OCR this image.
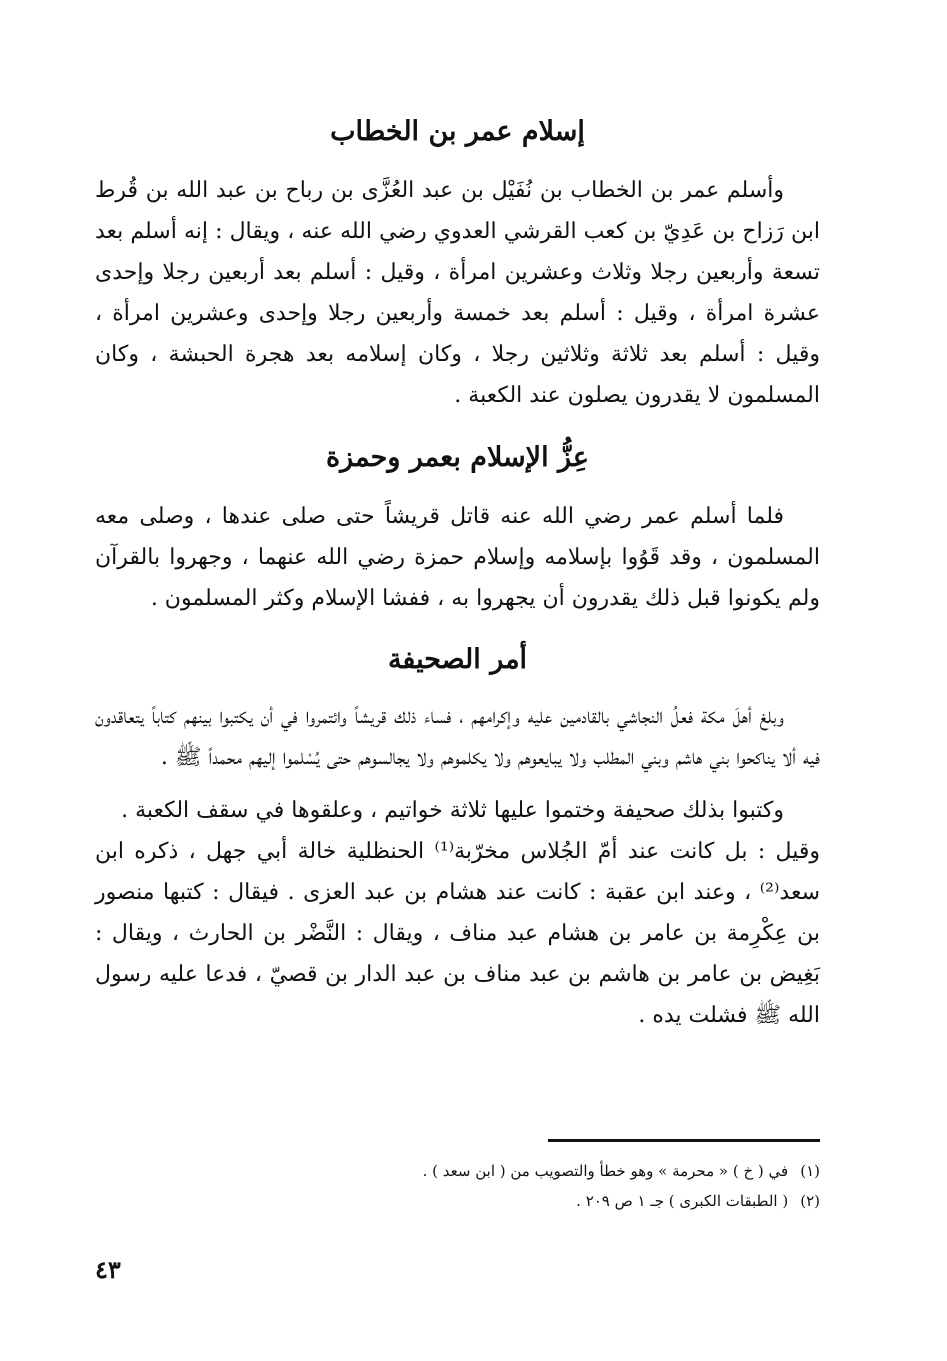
إسلام عمر بن الخطاب

وأسلم عمر بن الخطاب بن نُفَيْل بن عبد العُزَّى بن رباح بن عبد الله بن قُرط ابن رَزاح بن عَدِيّ بن كعب القرشي العدوي رضي الله عنه ، ويقال : إنه أسلم بعد تسعة وأربعين رجلا وثلاث وعشرين امرأة ، وقيل : أسلم بعد أربعين رجلا وإحدى عشرة امرأة ، وقيل : أسلم بعد خمسة وأربعين رجلا وإحدى وعشرين امرأة ، وقيل : أسلم بعد ثلاثة وثلاثين رجلا ، وكان إسلامه بعد هجرة الحبشة ، وكان المسلمون لا يقدرون يصلون عند الكعبة .

عِزُّ الإسلام بعمر وحمزة

فلما أسلم عمر رضي الله عنه قاتل قريشاً حتى صلى عندها ، وصلى معه المسلمون ، وقد قَوُوا بإسلامه وإسلام حمزة رضي الله عنهما ، وجهروا بالقرآن ولم يكونوا قبل ذلك يقدرون أن يجهروا به ، ففشا الإسلام وكثر المسلمون .

أمر الصحيفة

وبلغ أهلَ مكة فعلُ النجاشي بالقادمين عليه وإكرامهم ، فساء ذلك قريشاً وائتمروا في أن يكتبوا بينهم كتاباً يتعاقدون فيه ألا يناكحوا بني هاشم وبني المطلب ولا يبايعوهم ولا يكلموهم ولا يجالسوهم حتى يُسْلموا إليهم محمداً ﷺ .

وكتبوا بذلك صحيفة وختموا عليها ثلاثة خواتيم ، وعلقوها في سقف الكعبة .

وقيل : بل كانت عند أمّ الجُلاس مخرّبة⁽¹⁾ الحنظلية خالة أبي جهل ، ذكره ابن سعد⁽²⁾ ، وعند ابن عقبة : كانت عند هشام بن عبد العزى . فيقال : كتبها منصور بن عِكْرِمة بن عامر بن هشام عبد مناف ، ويقال : النَّضْر بن الحارث ، ويقال : بَغِيض بن عامر بن هاشم بن عبد مناف بن عبد الدار بن قصيّ ، فدعا عليه رسول الله ﷺ فشلت يده .

(١)في ( خ ) « محرمة » وهو خطأ والتصويب من ( ابن سعد ) .

(٢)( الطبقات الكبرى ) جـ ١ ص ٢٠٩ .

٤٣
